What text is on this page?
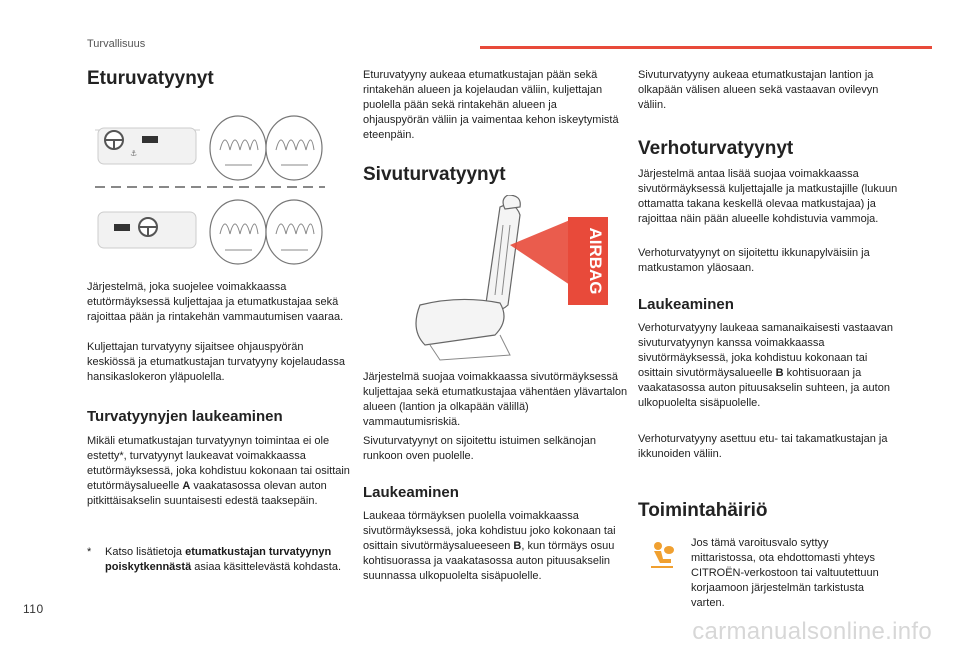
Turvallisuus
Eturuvatyynyt
⚓

Järjestelmä, joka suojelee voimakkaassa etutörmäyksessä kuljettajaa ja etumatkustajaa sekä rajoittaa pään ja rintakehän vammautumisen vaaraa.

Kuljettajan turvatyyny sijaitsee ohjauspyörän keskiössä ja etumatkustajan turvatyyny kojelaudassa hansikaslokeron yläpuolella.

Turvatyynyjen laukeaminen

Mikäli etumatkustajan turvatyynyn toimintaa ei ole estetty*, turvatyynyt laukeavat voimakkaassa etutörmäyksessä, joka kohdistuu kokonaan tai osittain etutörmäysalueelle A vaakatasossa olevan auton pitkittäisakselin suuntaisesti edestä taaksepäin.

*	Katso lisätietoja etumatkustajan turvatyynyn poiskytkennästä asiaa käsittelevästä kohdasta.

Eturuvatyyny aukeaa etumatkustajan pään sekä rintakehän alueen ja kojelaudan väliin, kuljettajan puolella pään sekä rintakehän alueen ja ohjauspyörän väliin ja vaimentaa kehon iskeytymistä eteenpäin.

Sivuturvatyynyt
AIRBAG

Järjestelmä suojaa voimakkaassa sivutörmäyksessä kuljettajaa sekä etumatkustajaa vähentäen ylävartalon alueen (lantion ja olkapään välillä) vammautumisriskiä.

Sivuturvatyynyt on sijoitettu istuimen selkänojan runkoon oven puolelle.

Laukeaminen

Laukeaa törmäyksen puolella voimakkaassa sivutörmäyksessä, joka kohdistuu joko kokonaan tai osittain sivutörmäysalueeseen B, kun törmäys osuu kohtisuorassa ja vaakatasossa auton pituusakselin suunnassa ulkopuolelta sisäpuolelle.

Sivuturvatyyny aukeaa etumatkustajan lantion ja olkapään välisen alueen sekä vastaavan ovilevyn väliin.

Verhoturvatyynyt

Järjestelmä antaa lisää suojaa voimakkaassa sivutörmäyksessä kuljettajalle ja matkustajille (lukuun ottamatta takana keskellä olevaa matkustajaa) ja rajoittaa näin pään alueelle kohdistuvia vammoja.

Verhoturvatyynyt on sijoitettu ikkunapylväisiin ja matkustamon yläosaan.

Laukeaminen

Verhoturvatyyny laukeaa samanaikaisesti vastaavan sivuturvatyynyn kanssa voimakkaassa sivutörmäyksessä, joka kohdistuu kokonaan tai osittain sivutörmäysalueelle B kohtisuoraan ja vaakatasossa auton pituusakselin suhteen, ja auton ulkopuolelta sisäpuolelle.

Verhoturvatyyny asettuu etu- tai takamatkustajan ja ikkunoiden väliin.

Toimintahäiriö

Jos tämä varoitusvalo syttyy mittaristossa, ota ehdottomasti yhteys CITROËN-verkostoon tai valtuutettuun korjaamoon järjestelmän tarkistusta varten.

110
carmanualsonline.info
